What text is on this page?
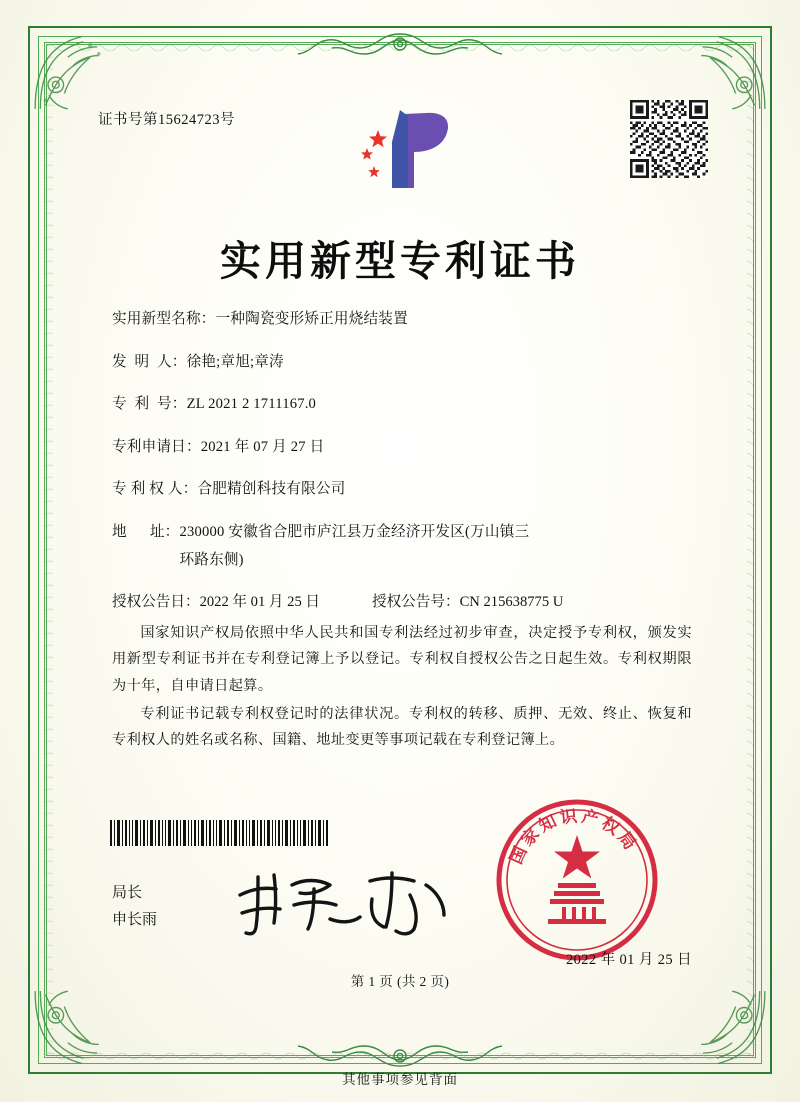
证书号第15624723号
实用新型专利证书
实用新型名称： 一种陶瓷变形矫正用烧结装置
发  明  人： 徐艳;章旭;章涛
专  利  号： ZL 2021 2 1711167.0
专利申请日： 2021 年 07 月 27 日
专 利 权 人： 合肥精创科技有限公司
地      址： 230000 安徽省合肥市庐江县万金经济开发区(万山镇三
环路东侧)
授权公告日： 2022 年 01 月 25 日	授权公告号： CN 215638775 U

国家知识产权局依照中华人民共和国专利法经过初步审查，决定授予专利权，颁发实用新型专利证书并在专利登记簿上予以登记。专利权自授权公告之日起生效。专利权期限为十年，自申请日起算。

专利证书记载专利权登记时的法律状况。专利权的转移、质押、无效、终止、恢复和专利权人的姓名或名称、国籍、地址变更等事项记载在专利登记簿上。

局长
申长雨
国家知识产权局
2022 年 01 月 25 日
第 1 页 (共 2 页)
其他事项参见背面
